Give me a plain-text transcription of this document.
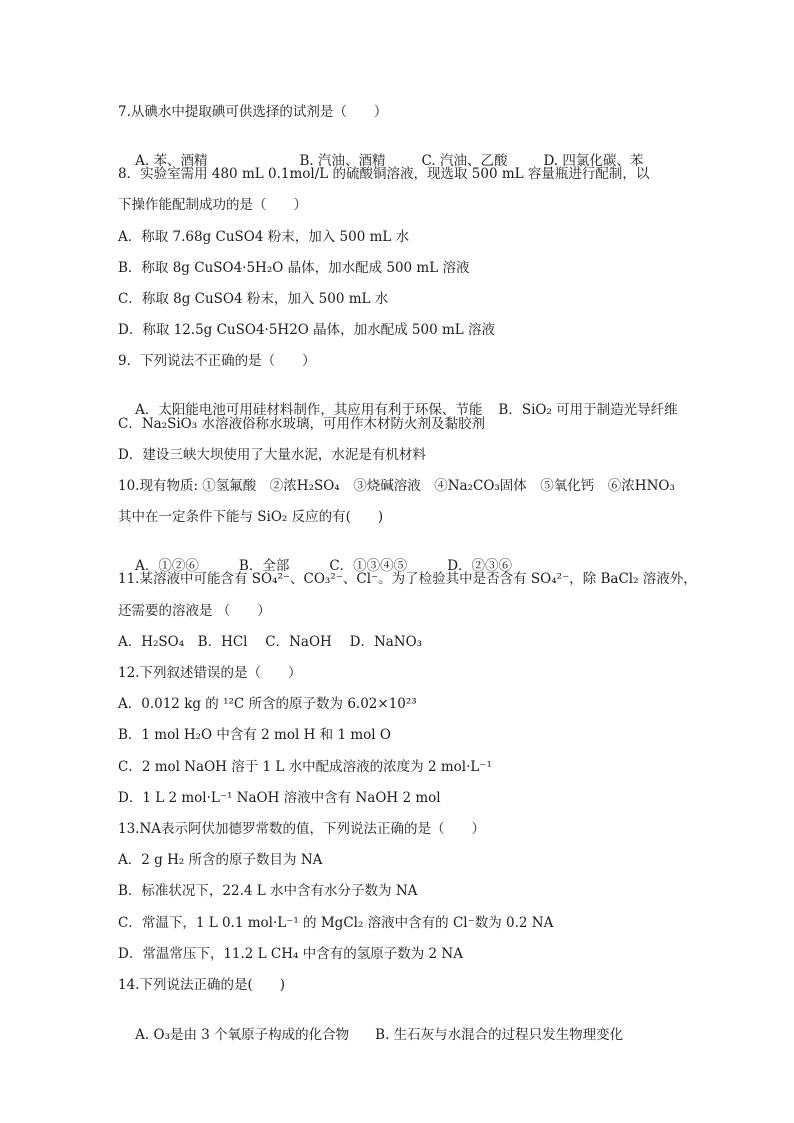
7.从碘水中提取碘可供选择的试剂是（　　）

A. 苯、酒精	B. 汽油、酒精	C. 汽油、乙酸	D. 四氯化碳、苯

8．实验室需用 480 mL 0.1mol/L 的硫酸铜溶液，现选取 500 mL 容量瓶进行配制，以
下操作能配制成功的是（　　）
A．称取 7.68g CuSO4 粉末，加入 500 mL 水
B．称取 8g CuSO4·5H₂O 晶体，加水配成 500 mL 溶液
C．称取 8g CuSO4 粉末，加入 500 mL 水
D．称取 12.5g CuSO4·5H2O 晶体，加水配成 500 mL 溶液
9．下列说法不正确的是（　　）

A．太阳能电池可用硅材料制作，其应用有利于环保、节能 B．SiO₂ 可用于制造光导纤维

C．Na₂SiO₃ 水溶液俗称水玻璃，可用作木材防火剂及黏胶剂
D．建设三峡大坝使用了大量水泥，水泥是有机材料
10.现有物质: ①氢氟酸　②浓H₂SO₄　③烧碱溶液　④Na₂CO₃固体　⑤氧化钙　⑥浓HNO₃
其中在一定条件下能与 SiO₂ 反应的有(　　)

A．①②⑥	B．全部	C．①③④⑤	D．②③⑥

11.某溶液中可能含有 SO₄²⁻、CO₃²⁻、Cl⁻。为了检验其中是否含有 SO₄²⁻，除 BaCl₂ 溶液外，
还需要的溶液是 （　　）
A．H₂SO₄　B．HCl　 C．NaOH　 D．NaNO₃
12.下列叙述错误的是（　　）
A．0.012 kg 的 ¹²C 所含的原子数为 6.02×10²³
B．1 mol H₂O 中含有 2 mol H 和 1 mol O
C．2 mol NaOH 溶于 1 L 水中配成溶液的浓度为 2 mol·L⁻¹
D．1 L 2 mol·L⁻¹ NaOH 溶液中含有 NaOH 2 mol
13.NA表示阿伏加德罗常数的值，下列说法正确的是（　　）
A．2 g H₂ 所含的原子数目为 NA
B．标准状况下，22.4 L 水中含有水分子数为 NA
C．常温下，1 L 0.1 mol·L⁻¹ 的 MgCl₂ 溶液中含有的 Cl⁻数为 0.2 NA
D．常温常压下，11.2 L CH₄ 中含有的氢原子数为 2 NA
14.下列说法正确的是(　　)

A. O₃是由 3 个氧原子构成的化合物 B. 生石灰与水混合的过程只发生物理变化
